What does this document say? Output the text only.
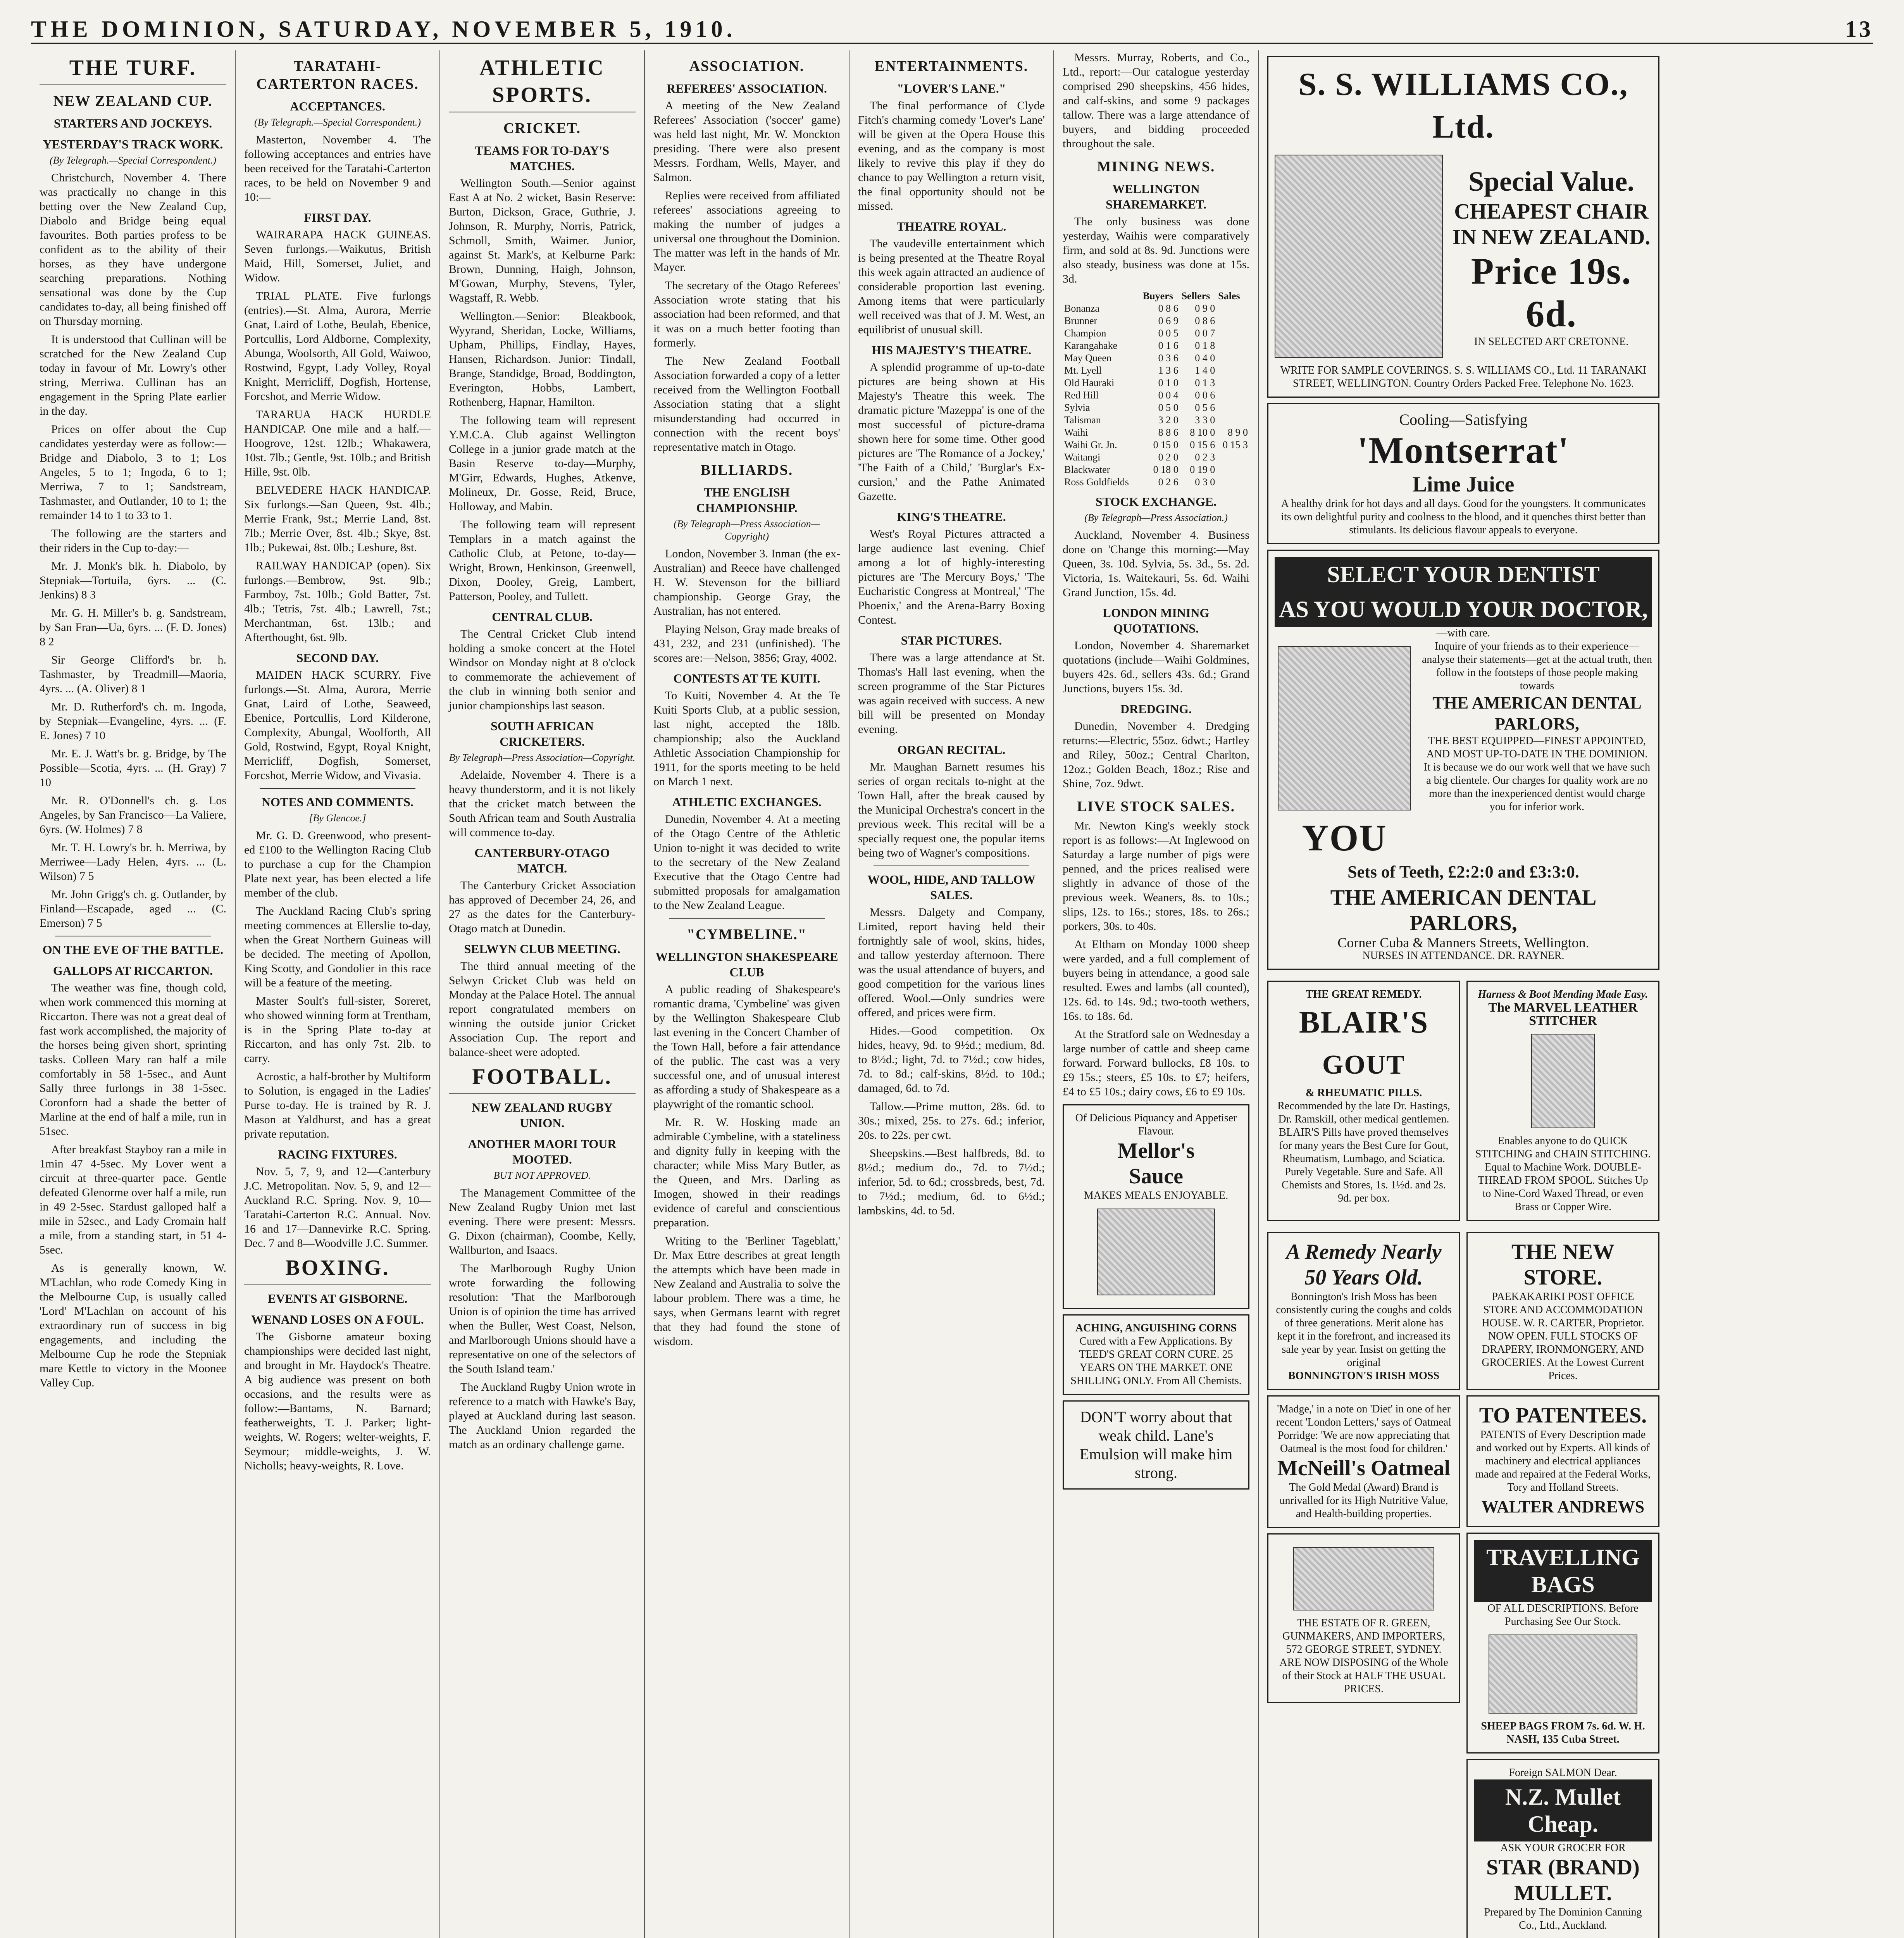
THE DOMINION, SATURDAY, NOVEMBER 5, 1910.	13
THE TURF.
NEW ZEALAND CUP.
STARTERS AND JOCKEYS.
YESTERDAY'S TRACK WORK.
(By Telegraph.—Special Correspondent.)

Christchurch, November 4. There was practically no change in this betting over the New Zealand Cup, Diabolo and Bridge being equal favourites. Both parties profess to be confident as to the ability of their horses, as they have undergone searching preparations. Nothing sensational was done by the Cup candidates to-day, all being finished off on Thursday morning.

It is understood that Cullinan will be scratched for the New Zealand Cup today in favour of Mr. Lowry's other string, Merriwa. Cullinan has an engagement in the Spring Plate earlier in the day.

Prices on offer about the Cup candidates yesterday were as follow:— Bridge and Diabolo, 3 to 1; Los Angeles, 5 to 1; Ingoda, 6 to 1; Merriwa, 7 to 1; Sandstream, Tashmaster, and Outlander, 10 to 1; the remainder 14 to 1 to 33 to 1.

The following are the starters and their riders in the Cup to-day:—

Mr. J. Monk's blk. h. Diabolo, by Stepniak—Tortuila, 6yrs. ... (C. Jenkins) 8 3

Mr. G. H. Miller's b. g. Sandstream, by San Fran—Ua, 6yrs. ... (F. D. Jones) 8 2

Sir George Clifford's br. h. Tashmaster, by Treadmill—Maoria, 4yrs. ... (A. Oliver) 8 1

Mr. D. Rutherford's ch. m. Ingoda, by Stepniak—Evangeline, 4yrs. ... (F. E. Jones) 7 10

Mr. E. J. Watt's br. g. Bridge, by The Possible—Scotia, 4yrs. ... (H. Gray) 7 10

Mr. R. O'Donnell's ch. g. Los Angeles, by San Francisco—La Valiere, 6yrs. (W. Holmes) 7 8

Mr. T. H. Lowry's br. h. Merriwa, by Merriwee—Lady Helen, 4yrs. ... (L. Wilson) 7 5

Mr. John Grigg's ch. g. Outlander, by Finland—Escapade, aged ... (C. Emerson) 7 5

ON THE EVE OF THE BATTLE.
GALLOPS AT RICCARTON.

The weather was fine, though cold, when work commenced this morning at Riccarton. There was not a great deal of fast work accomplished, the majority of the horses being given short, sprinting tasks. Colleen Mary ran half a mile comfortably in 58 1-5sec., and Aunt Sally three furlongs in 38 1-5sec. Coronforn had a shade the better of Marline at the end of half a mile, run in 51sec.

After breakfast Stayboy ran a mile in 1min 47 4-5sec. My Lover went a circuit at three-quarter pace. Gentle defeated Glenorme over half a mile, run in 49 2-5sec. Stardust galloped half a mile in 52sec., and Lady Cromain half a mile, from a standing start, in 51 4-5sec.

As is generally known, W. M'Lachlan, who rode Comedy King in the Melbourne Cup, is usually called 'Lord' M'Lachlan on account of his extraordinary run of success in big engagements, and including the Melbourne Cup he rode the Stepniak mare Kettle to victory in the Moonee Valley Cup.

TARATAHI-CARTERTON RACES.
ACCEPTANCES.
(By Telegraph.—Special Correspondent.)

Masterton, November 4. The following acceptances and entries have been received for the Taratahi-Carterton races, to be held on November 9 and 10:—

FIRST DAY.

WAIRARAPA HACK GUINEAS. Seven furlongs.—Waikutus, British Maid, Hill, Somerset, Juliet, and Widow.

TRIAL PLATE. Five furlongs (entries).—St. Alma, Aurora, Merrie Gnat, Laird of Lothe, Beulah, Ebenice, Portcullis, Lord Aldborne, Complexity, Abunga, Woolsorth, All Gold, Waiwoo, Rostwind, Egypt, Lady Volley, Royal Knight, Merricliff, Dogfish, Hortense, Forcshot, and Merrie Widow.

TARARUA HACK HURDLE HANDICAP. One mile and a half.—Hoogrove, 12st. 12lb.; Whakawera, 10st. 7lb.; Gentle, 9st. 10lb.; and British Hille, 9st. 0lb.

BELVEDERE HACK HANDICAP. Six furlongs.—San Queen, 9st. 4lb.; Merrie Frank, 9st.; Merrie Land, 8st. 7lb.; Merrie Over, 8st. 4lb.; Skye, 8st. 1lb.; Pukewai, 8st. 0lb.; Leshure, 8st.

RAILWAY HANDICAP (open). Six furlongs.—Bembrow, 9st. 9lb.; Farmboy, 7st. 10lb.; Gold Batter, 7st. 4lb.; Tetris, 7st. 4lb.; Lawrell, 7st.; Merchantman, 6st. 13lb.; and Afterthought, 6st. 9lb.

SECOND DAY.

MAIDEN HACK SCURRY. Five furlongs.—St. Alma, Aurora, Merrie Gnat, Laird of Lothe, Seaweed, Ebenice, Portcullis, Lord Kilderone, Complexity, Abungal, Woolforth, All Gold, Rostwind, Egypt, Royal Knight, Merricliff, Dogfish, Somerset, Forcshot, Merrie Widow, and Vivasia.

NOTES AND COMMENTS.
[By Glencoe.]

Mr. G. D. Greenwood, who present-ed £100 to the Wellington Racing Club to purchase a cup for the Champion Plate next year, has been elected a life member of the club.

The Auckland Racing Club's spring meeting commences at Ellerslie to-day, when the Great Northern Guineas will be decided. The meeting of Apollon, King Scotty, and Gondolier in this race will be a feature of the meeting.

Master Soult's full-sister, Soreret, who showed winning form at Trentham, is in the Spring Plate to-day at Riccarton, and has only 7st. 2lb. to carry.

Acrostic, a half-brother by Multiform to Solution, is engaged in the Ladies' Purse to-day. He is trained by R. J. Mason at Yaldhurst, and has a great private reputation.

RACING FIXTURES.

Nov. 5, 7, 9, and 12—Canterbury J.C. Metropolitan. Nov. 5, 9, and 12—Auckland R.C. Spring. Nov. 9, 10—Taratahi-Carterton R.C. Annual. Nov. 16 and 17—Dannevirke R.C. Spring. Dec. 7 and 8—Woodville J.C. Summer.

BOXING.
EVENTS AT GISBORNE.
WENAND LOSES ON A FOUL.

The Gisborne amateur boxing championships were decided last night, and brought in Mr. Haydock's Theatre. A big audience was present on both occasions, and the results were as follow:—Bantams, N. Barnard; featherweights, T. J. Parker; light-weights, W. Rogers; welter-weights, F. Seymour; middle-weights, J. W. Nicholls; heavy-weights, R. Love.

ATHLETIC SPORTS.
CRICKET.
TEAMS FOR TO-DAY'S MATCHES.

Wellington South.—Senior against East A at No. 2 wicket, Basin Reserve: Burton, Dickson, Grace, Guthrie, J. Johnson, R. Murphy, Norris, Patrick, Schmoll, Smith, Waimer. Junior, against St. Mark's, at Kelburne Park: Brown, Dunning, Haigh, Johnson, M'Gowan, Murphy, Stevens, Tyler, Wagstaff, R. Webb.

Wellington.—Senior: Bleakbook, Wyyrand, Sheridan, Locke, Williams, Upham, Phillips, Findlay, Hayes, Hansen, Richardson. Junior: Tindall, Brange, Standidge, Broad, Boddington, Everington, Hobbs, Lambert, Rothenberg, Hapnar, Hamilton.

The following team will represent Y.M.C.A. Club against Wellington College in a junior grade match at the Basin Reserve to-day—Murphy, M'Girr, Edwards, Hughes, Atkenve, Molineux, Dr. Gosse, Reid, Bruce, Holloway, and Mabin.

The following team will represent Templars in a match against the Catholic Club, at Petone, to-day—Wright, Brown, Henkinson, Greenwell, Dixon, Dooley, Greig, Lambert, Patterson, Pooley, and Tullett.

CENTRAL CLUB.

The Central Cricket Club intend holding a smoke concert at the Hotel Windsor on Monday night at 8 o'clock to commemorate the achievement of the club in winning both senior and junior championships last season.

SOUTH AFRICAN CRICKETERS.
By Telegraph—Press Association—Copyright.

Adelaide, November 4. There is a heavy thunderstorm, and it is not likely that the cricket match between the South African team and South Australia will commence to-day.

CANTERBURY-OTAGO MATCH.

The Canterbury Cricket Association has approved of December 24, 26, and 27 as the dates for the Canterbury-Otago match at Dunedin.

SELWYN CLUB MEETING.

The third annual meeting of the Selwyn Cricket Club was held on Monday at the Palace Hotel. The annual report congratulated members on winning the outside junior Cricket Association Cup. The report and balance-sheet were adopted.

FOOTBALL.
NEW ZEALAND RUGBY UNION.
ANOTHER MAORI TOUR MOOTED.
BUT NOT APPROVED.

The Management Committee of the New Zealand Rugby Union met last evening. There were present: Messrs. G. Dixon (chairman), Coombe, Kelly, Wallburton, and Isaacs.

The Marlborough Rugby Union wrote forwarding the following resolution: 'That the Marlborough Union is of opinion the time has arrived when the Buller, West Coast, Nelson, and Marlborough Unions should have a representative on one of the selectors of the South Island team.'

The Auckland Rugby Union wrote in reference to a match with Hawke's Bay, played at Auckland during last season. The Auckland Union regarded the match as an ordinary challenge game.

ASSOCIATION.
REFEREES' ASSOCIATION.

A meeting of the New Zealand Referees' Association ('soccer' game) was held last night, Mr. W. Monckton presiding. There were also present Messrs. Fordham, Wells, Mayer, and Salmon.

Replies were received from affiliated referees' associations agreeing to making the number of judges a universal one throughout the Dominion. The matter was left in the hands of Mr. Mayer.

The secretary of the Otago Referees' Association wrote stating that his association had been reformed, and that it was on a much better footing than formerly.

The New Zealand Football Association forwarded a copy of a letter received from the Wellington Football Association stating that a slight misunderstanding had occurred in connection with the recent boys' representative match in Otago.

BILLIARDS.
THE ENGLISH CHAMPIONSHIP.
(By Telegraph—Press Association—Copyright)

London, November 3. Inman (the ex-Australian) and Reece have challenged H. W. Stevenson for the billiard championship. George Gray, the Australian, has not entered.

Playing Nelson, Gray made breaks of 431, 232, and 231 (unfinished). The scores are:—Nelson, 3856; Gray, 4002.

CONTESTS AT TE KUITI.

To Kuiti, November 4. At the Te Kuiti Sports Club, at a public session, last night, accepted the 18lb. championship; also the Auckland Athletic Association Championship for 1911, for the sports meeting to be held on March 1 next.

ATHLETIC EXCHANGES.

Dunedin, November 4. At a meeting of the Otago Centre of the Athletic Union to-night it was decided to write to the secretary of the New Zealand Executive that the Otago Centre had submitted proposals for amalgamation to the New Zealand League.

"CYMBELINE."
WELLINGTON SHAKESPEARE CLUB

A public reading of Shakespeare's romantic drama, 'Cymbeline' was given by the Wellington Shakespeare Club last evening in the Concert Chamber of the Town Hall, before a fair attendance of the public. The cast was a very successful one, and of unusual interest as affording a study of Shakespeare as a playwright of the romantic school.

Mr. R. W. Hosking made an admirable Cymbeline, with a stateliness and dignity fully in keeping with the character; while Miss Mary Butler, as the Queen, and Mrs. Darling as Imogen, showed in their readings evidence of careful and conscientious preparation.

Writing to the 'Berliner Tageblatt,' Dr. Max Ettre describes at great length the attempts which have been made in New Zealand and Australia to solve the labour problem. There was a time, he says, when Germans learnt with regret that they had found the stone of wisdom.

ENTERTAINMENTS.
"LOVER'S LANE."

The final performance of Clyde Fitch's charming comedy 'Lover's Lane' will be given at the Opera House this evening, and as the company is most likely to revive this play if they do chance to pay Wellington a return visit, the final opportunity should not be missed.

THEATRE ROYAL.

The vaudeville entertainment which is being presented at the Theatre Royal this week again attracted an audience of considerable proportion last evening. Among items that were particularly well received was that of J. M. West, an equilibrist of unusual skill.

HIS MAJESTY'S THEATRE.

A splendid programme of up-to-date pictures are being shown at His Majesty's Theatre this week. The dramatic picture 'Mazeppa' is one of the most successful of picture-drama shown here for some time. Other good pictures are 'The Romance of a Jockey,' 'The Faith of a Child,' 'Burglar's Ex-cursion,' and the Pathe Animated Gazette.

KING'S THEATRE.

West's Royal Pictures attracted a large audience last evening. Chief among a lot of highly-interesting pictures are 'The Mercury Boys,' 'The Eucharistic Congress at Montreal,' 'The Phoenix,' and the Arena-Barry Boxing Contest.

STAR PICTURES.

There was a large attendance at St. Thomas's Hall last evening, when the screen programme of the Star Pictures was again received with success. A new bill will be presented on Monday evening.

ORGAN RECITAL.

Mr. Maughan Barnett resumes his series of organ recitals to-night at the Town Hall, after the break caused by the Municipal Orchestra's concert in the previous week. This recital will be a specially request one, the popular items being two of Wagner's compositions.

WOOL, HIDE, AND TALLOW SALES.

Messrs. Dalgety and Company, Limited, report having held their fortnightly sale of wool, skins, hides, and tallow yesterday afternoon. There was the usual attendance of buyers, and good competition for the various lines offered. Wool.—Only sundries were offered, and prices were firm.

Hides.—Good competition. Ox hides, heavy, 9d. to 9½d.; medium, 8d. to 8½d.; light, 7d. to 7½d.; cow hides, 7d. to 8d.; calf-skins, 8½d. to 10d.; damaged, 6d. to 7d.

Tallow.—Prime mutton, 28s. 6d. to 30s.; mixed, 25s. to 27s. 6d.; inferior, 20s. to 22s. per cwt.

Sheepskins.—Best halfbreds, 8d. to 8½d.; medium do., 7d. to 7½d.; inferior, 5d. to 6d.; crossbreds, best, 7d. to 7½d.; medium, 6d. to 6½d.; lambskins, 4d. to 5d.

Messrs. Murray, Roberts, and Co., Ltd., report:—Our catalogue yesterday comprised 290 sheepskins, 456 hides, and calf-skins, and some 9 packages tallow. There was a large attendance of buyers, and bidding proceeded throughout the sale.

MINING NEWS.
WELLINGTON SHAREMARKET.

The only business was done yesterday, Waihis were comparatively firm, and sold at 8s. 9d. Junctions were also steady, business was done at 15s. 3d.

	Buyers	Sellers	Sales
Bonanza	0 8 6	0 9 0	
Brunner	0 6 9	0 8 6	
Champion	0 0 5	0 0 7	
Karangahake	0 1 6	0 1 8	
May Queen	0 3 6	0 4 0	
Mt. Lyell	1 3 6	1 4 0	
Old Hauraki	0 1 0	0 1 3	
Red Hill	0 0 4	0 0 6	
Sylvia	0 5 0	0 5 6	
Talisman	3 2 0	3 3 0	
Waihi	8 8 6	8 10 0	8 9 0
Waihi Gr. Jn.	0 15 0	0 15 6	0 15 3
Waitangi	0 2 0	0 2 3	
Blackwater	0 18 0	0 19 0	
Ross Goldfields	0 2 6	0 3 0	
STOCK EXCHANGE.
(By Telegraph—Press Association.)

Auckland, November 4. Business done on 'Change this morning:—May Queen, 3s. 10d. Sylvia, 5s. 3d., 5s. 2d. Victoria, 1s. Waitekauri, 5s. 6d. Waihi Grand Junction, 15s. 4d.

LONDON MINING QUOTATIONS.

London, November 4. Sharemarket quotations (include—Waihi Goldmines, buyers 42s. 6d., sellers 43s. 6d.; Grand Junctions, buyers 15s. 3d.

DREDGING.

Dunedin, November 4. Dredging returns:—Electric, 55oz. 6dwt.; Hartley and Riley, 50oz.; Central Charlton, 12oz.; Golden Beach, 18oz.; Rise and Shine, 7oz. 9dwt.

LIVE STOCK SALES.

Mr. Newton King's weekly stock report is as follows:—At Inglewood on Saturday a large number of pigs were penned, and the prices realised were slightly in advance of those of the previous week. Weaners, 8s. to 10s.; slips, 12s. to 16s.; stores, 18s. to 26s.; porkers, 30s. to 40s.

At Eltham on Monday 1000 sheep were yarded, and a full complement of buyers being in attendance, a good sale resulted. Ewes and lambs (all counted), 12s. 6d. to 14s. 9d.; two-tooth wethers, 16s. to 18s. 6d.

At the Stratford sale on Wednesday a large number of cattle and sheep came forward. Forward bullocks, £8 10s. to £9 15s.; steers, £5 10s. to £7; heifers, £4 to £5 10s.; dairy cows, £6 to £9 10s.

Of Delicious Piquancy and Appetiser Flavour.
Mellor's
Sauce
MAKES MEALS ENJOYABLE.
ACHING, ANGUISHING CORNS
Cured with a Few Applications. By TEED'S GREAT CORN CURE. 25 YEARS ON THE MARKET. ONE SHILLING ONLY. From All Chemists.
DON'T worry about that weak child. Lane's Emulsion will make him strong.
S. S. WILLIAMS CO., Ltd.
Special Value.
CHEAPEST CHAIR IN NEW ZEALAND.
Price 19s. 6d.
IN SELECTED ART CRETONNE.
WRITE FOR SAMPLE COVERINGS. S. S. WILLIAMS CO., Ltd. 11 TARANAKI STREET, WELLINGTON. Country Orders Packed Free. Telephone No. 1623.
Cooling—Satisfying
'Montserrat'
Lime Juice
A healthy drink for hot days and all days. Good for the youngsters. It communicates its own delightful purity and coolness to the blood, and it quenches thirst better than stimulants. Its delicious flavour appeals to everyone.
SELECT YOUR DENTIST
AS YOU WOULD YOUR DOCTOR,
—with care.
YOU
Inquire of your friends as to their experience—analyse their statements—get at the actual truth, then follow in the footsteps of those people making towards
THE AMERICAN DENTAL PARLORS,
THE BEST EQUIPPED—FINEST APPOINTED, AND MOST UP-TO-DATE IN THE DOMINION. It is because we do our work well that we have such a big clientele. Our charges for quality work are no more than the inexperienced dentist would charge you for inferior work.
Sets of Teeth, £2:2:0 and £3:3:0.
THE AMERICAN DENTAL PARLORS,
Corner Cuba & Manners Streets, Wellington.
NURSES IN ATTENDANCE. DR. RAYNER.
THE GREAT REMEDY.
BLAIR'S
GOUT
& RHEUMATIC PILLS.
Recommended by the late Dr. Hastings, Dr. Ramskill, other medical gentlemen. BLAIR'S Pills have proved themselves for many years the Best Cure for Gout, Rheumatism, Lumbago, and Sciatica. Purely Vegetable. Sure and Safe. All Chemists and Stores, 1s. 1½d. and 2s. 9d. per box.
Harness & Boot Mending Made Easy.
The MARVEL LEATHER STITCHER
Enables anyone to do QUICK STITCHING and CHAIN STITCHING. Equal to Machine Work. DOUBLE-THREAD FROM SPOOL. Stitches Up to Nine-Cord Waxed Thread, or even Brass or Copper Wire.
A Remedy Nearly 50 Years Old.
Bonnington's Irish Moss has been consistently curing the coughs and colds of three generations. Merit alone has kept it in the forefront, and increased its sale year by year. Insist on getting the original
BONNINGTON'S IRISH MOSS
'Madge,' in a note on 'Diet' in one of her recent 'London Letters,' says of Oatmeal Porridge: 'We are now appreciating that Oatmeal is the most food for children.'
McNeill's Oatmeal
The Gold Medal (Award) Brand is unrivalled for its High Nutritive Value, and Health-building properties.
THE ESTATE OF R. GREEN, GUNMAKERS, AND IMPORTERS, 572 GEORGE STREET, SYDNEY. ARE NOW DISPOSING of the Whole of their Stock at HALF THE USUAL PRICES.
THE NEW STORE.
PAEKAKARIKI POST OFFICE STORE AND ACCOMMODATION HOUSE. W. R. CARTER, Proprietor. NOW OPEN. FULL STOCKS OF DRAPERY, IRONMONGERY, AND GROCERIES. At the Lowest Current Prices.
TO PATENTEES.
PATENTS of Every Description made and worked out by Experts. All kinds of machinery and electrical appliances made and repaired at the Federal Works, Tory and Holland Streets.
WALTER ANDREWS
TRAVELLING BAGS
OF ALL DESCRIPTIONS. Before Purchasing See Our Stock.
SHEEP BAGS FROM 7s. 6d. W. H. NASH, 135 Cuba Street.
Foreign SALMON Dear.
N.Z. Mullet Cheap.
ASK YOUR GROCER FOR
STAR (BRAND) MULLET.
Prepared by The Dominion Canning Co., Ltd., Auckland.
